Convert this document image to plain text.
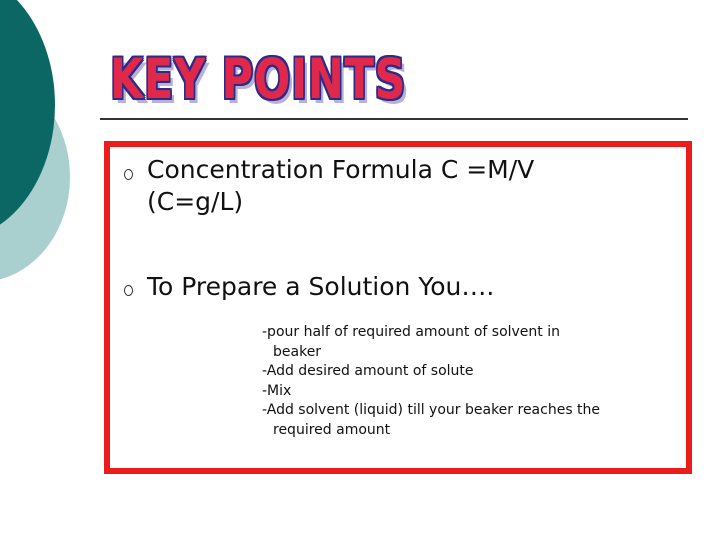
KEY POINTS

Concentration Formula C =M/V
(C=g/L)

To Prepare a Solution You….

-pour half of required amount of solvent in
beaker
-Add desired amount of solute
-Mix
-Add solvent (liquid) till your beaker reaches the
required amount
